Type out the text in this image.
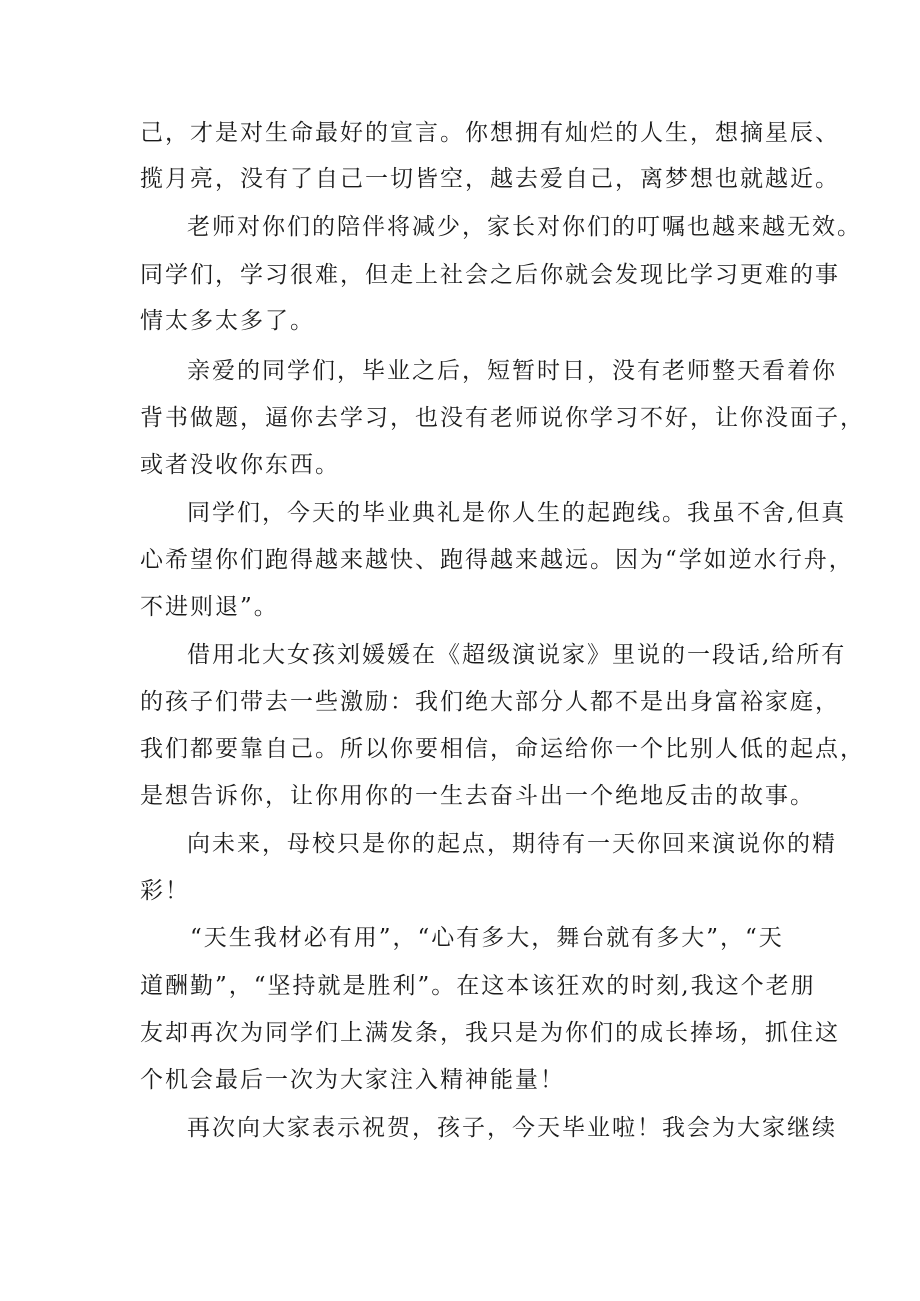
己，才是对生命最好的宣言。你想拥有灿烂的人生，想摘星辰、
揽月亮，没有了自己一切皆空，越去爱自己，离梦想也就越近。
老师对你们的陪伴将减少，家长对你们的叮嘱也越来越无效。
同学们，学习很难，但走上社会之后你就会发现比学习更难的事
情太多太多了。
亲爱的同学们，毕业之后，短暂时日，没有老师整天看着你
背书做题，逼你去学习，也没有老师说你学习不好，让你没面子，
或者没收你东西。
同学们，今天的毕业典礼是你人生的起跑线。我虽不舍,但真
心希望你们跑得越来越快、跑得越来越远。因为“学如逆水行舟，
不进则退”。
借用北大女孩刘媛媛在《超级演说家》里说的一段话,给所有
的孩子们带去一些激励：我们绝大部分人都不是出身富裕家庭，
我们都要靠自己。所以你要相信，命运给你一个比别人低的起点，
是想告诉你，让你用你的一生去奋斗出一个绝地反击的故事。
向未来，母校只是你的起点，期待有一天你回来演说你的精
彩！
“天生我材必有用”，“心有多大，舞台就有多大”，“天
道酬勤”，“坚持就是胜利”。在这本该狂欢的时刻,我这个老朋
友却再次为同学们上满发条，我只是为你们的成长捧场，抓住这
个机会最后一次为大家注入精神能量！
再次向大家表示祝贺，孩子，今天毕业啦！我会为大家继续
